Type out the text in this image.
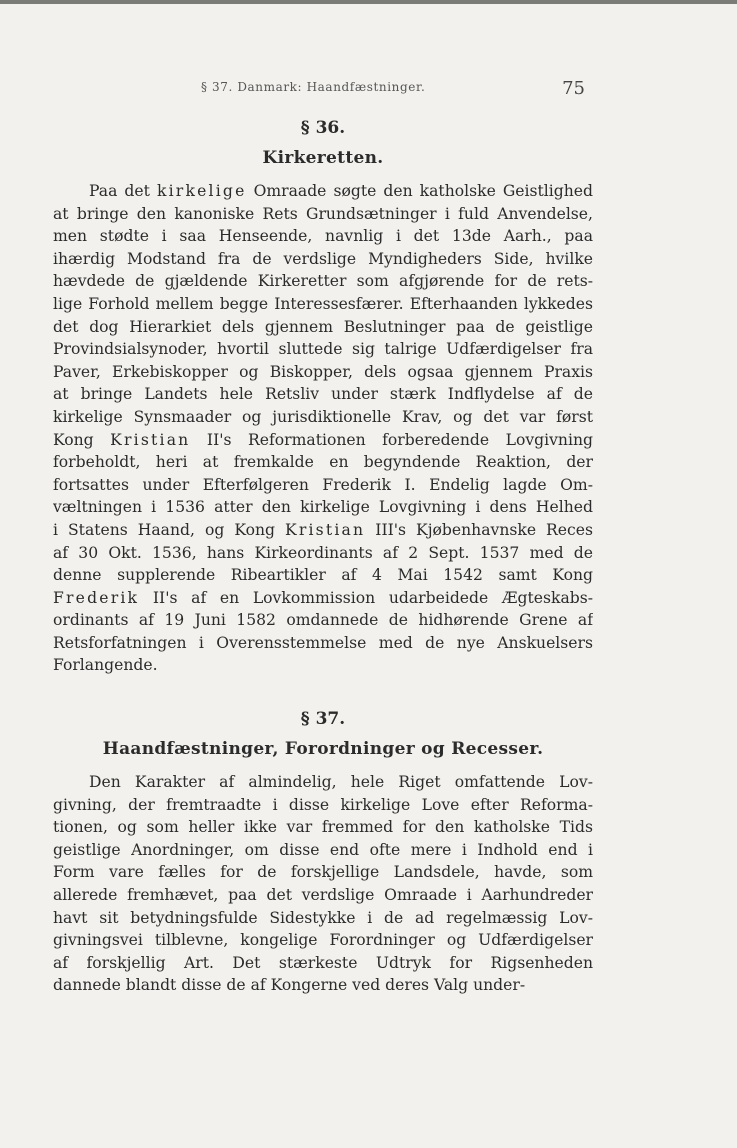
§ 37. Danmark: Haandfæstninger.	75
§ 36.
Kirkeretten.
Paa det kirkelige Omraade søgte den katholske Geistlighed
at bringe den kanoniske Rets Grundsætninger i fuld Anvendelse,
men stødte i saa Henseende, navnlig i det 13de Aarh., paa
ihærdig Modstand fra de verdslige Myndigheders Side, hvilke
hævdede de gjældende Kirkeretter som afgjørende for de rets-
lige Forhold mellem begge Interessesfærer. Efterhaanden lykkedes
det dog Hierarkiet dels gjennem Beslutninger paa de geistlige
Provindsialsynoder, hvortil sluttede sig talrige Udfærdigelser fra
Paver, Erkebiskopper og Biskopper, dels ogsaa gjennem Praxis
at bringe Landets hele Retsliv under stærk Indflydelse af de
kirkelige Synsmaader og jurisdiktionelle Krav, og det var først
Kong Kristian II's Reformationen forberedende Lovgivning
forbeholdt, heri at fremkalde en begyndende Reaktion, der
fortsattes under Efterfølgeren Frederik I. Endelig lagde Om-
væltningen i 1536 atter den kirkelige Lovgivning i dens Helhed
i Statens Haand, og Kong Kristian III's Kjøbenhavnske Reces
af 30 Okt. 1536, hans Kirkeordinants af 2 Sept. 1537 med de
denne supplerende Ribeartikler af 4 Mai 1542 samt Kong
Frederik II's af en Lovkommission udarbeidede Ægteskabs-
ordinants af 19 Juni 1582 omdannede de hidhørende Grene af
Retsforfatningen i Overensstemmelse med de nye Anskuelsers
Forlangende.
§ 37.
Haandfæstninger, Forordninger og Recesser.
Den Karakter af almindelig, hele Riget omfattende Lov-
givning, der fremtraadte i disse kirkelige Love efter Reforma-
tionen, og som heller ikke var fremmed for den katholske Tids
geistlige Anordninger, om disse end ofte mere i Indhold end i
Form vare fælles for de forskjellige Landsdele, havde, som
allerede fremhævet, paa det verdslige Omraade i Aarhundreder
havt sit betydningsfulde Sidestykke i de ad regelmæssig Lov-
givningsvei tilblevne, kongelige Forordninger og Udfærdigelser
af forskjellig Art. Det stærkeste Udtryk for Rigsenheden
dannede blandt disse de af Kongerne ved deres Valg under-
